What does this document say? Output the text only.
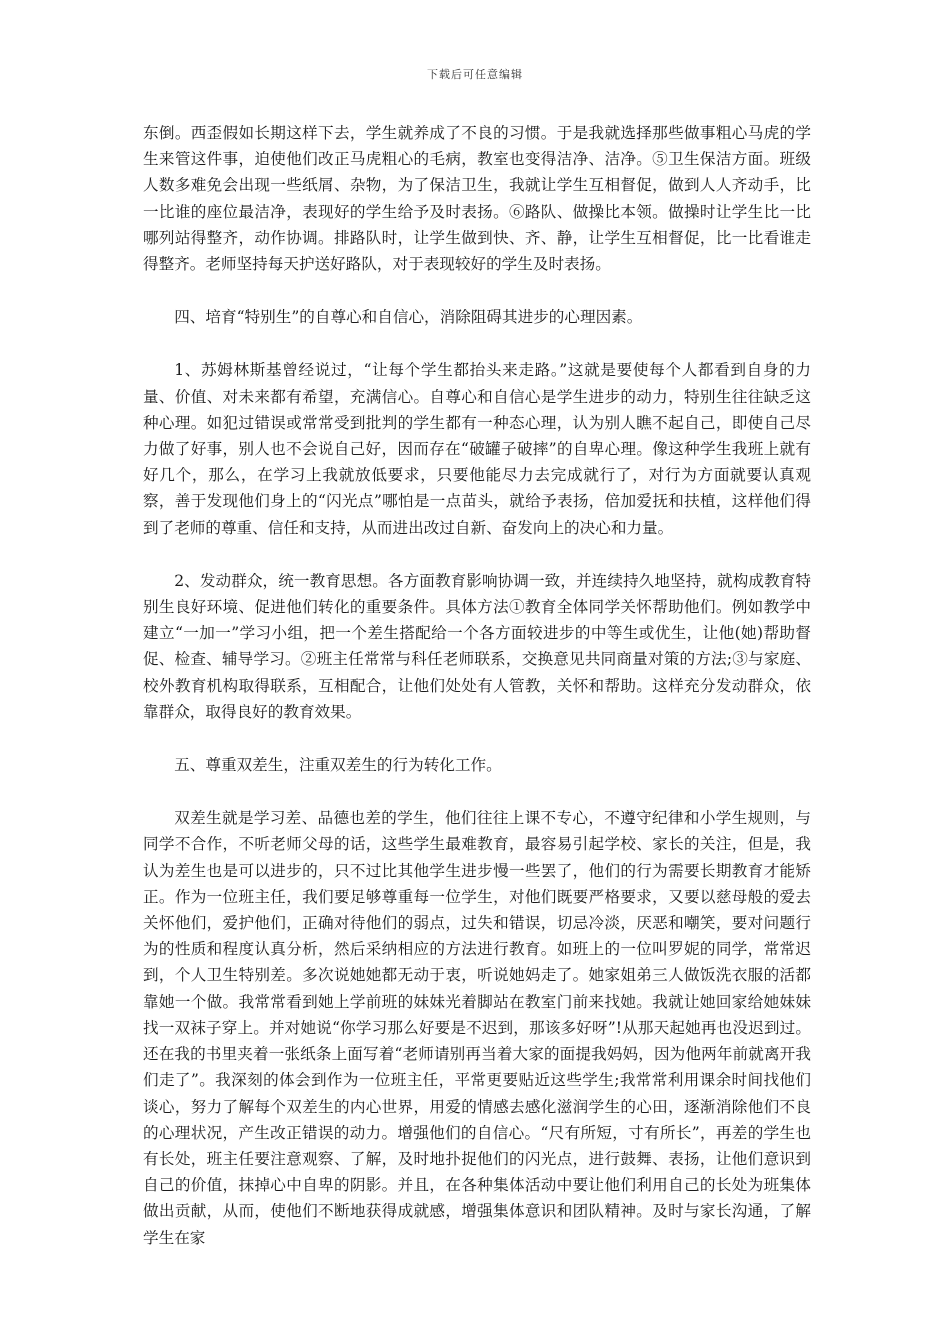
下载后可任意编辑

东倒。西歪假如长期这样下去，学生就养成了不良的习惯。于是我就选择那些做事粗心马虎的学生来管这件事，迫使他们改正马虎粗心的毛病，教室也变得洁净、洁净。⑤卫生保洁方面。班级人数多难免会出现一些纸屑、杂物，为了保洁卫生，我就让学生互相督促，做到人人齐动手，比一比谁的座位最洁净，表现好的学生给予及时表扬。⑥路队、做操比本领。做操时让学生比一比哪列站得整齐，动作协调。排路队时，让学生做到快、齐、静，让学生互相督促，比一比看谁走得整齐。老师坚持每天护送好路队，对于表现较好的学生及时表扬。

四、培育“特别生”的自尊心和自信心，消除阻碍其进步的心理因素。

1、苏姆林斯基曾经说过，“让每个学生都抬头来走路。”这就是要使每个人都看到自身的力量、价值、对未来都有希望，充满信心。自尊心和自信心是学生进步的动力，特别生往往缺乏这种心理。如犯过错误或常常受到批判的学生都有一种态心理，认为别人瞧不起自己，即使自己尽力做了好事，别人也不会说自己好，因而存在“破罐子破摔”的自卑心理。像这种学生我班上就有好几个，那么，在学习上我就放低要求，只要他能尽力去完成就行了，对行为方面就要认真观察，善于发现他们身上的“闪光点”哪怕是一点苗头，就给予表扬，倍加爱抚和扶植，这样他们得到了老师的尊重、信任和支持，从而进出改过自新、奋发向上的决心和力量。

2、发动群众，统一教育思想。各方面教育影响协调一致，并连续持久地坚持，就构成教育特别生良好环境、促进他们转化的重要条件。具体方法①教育全体同学关怀帮助他们。例如教学中建立“一加一”学习小组，把一个差生搭配给一个各方面较进步的中等生或优生，让他(她)帮助督促、检查、辅导学习。②班主任常常与科任老师联系，交换意见共同商量对策的方法;③与家庭、校外教育机构取得联系，互相配合，让他们处处有人管教，关怀和帮助。这样充分发动群众，依靠群众，取得良好的教育效果。

五、尊重双差生，注重双差生的行为转化工作。

双差生就是学习差、品德也差的学生，他们往往上课不专心，不遵守纪律和小学生规则，与同学不合作，不听老师父母的话，这些学生最难教育，最容易引起学校、家长的关注，但是，我认为差生也是可以进步的，只不过比其他学生进步慢一些罢了，他们的行为需要长期教育才能矫正。作为一位班主任，我们要足够尊重每一位学生，对他们既要严格要求，又要以慈母般的爱去关怀他们，爱护他们，正确对待他们的弱点，过失和错误，切忌冷淡，厌恶和嘲笑，要对问题行为的性质和程度认真分析，然后采纳相应的方法进行教育。如班上的一位叫罗妮的同学，常常迟到，个人卫生特别差。多次说她她都无动于衷，听说她妈走了。她家姐弟三人做饭洗衣服的活都靠她一个做。我常常看到她上学前班的妹妹光着脚站在教室门前来找她。我就让她回家给她妹妹找一双袜子穿上。并对她说“你学习那么好要是不迟到，那该多好呀”!从那天起她再也没迟到过。还在我的书里夹着一张纸条上面写着“老师请别再当着大家的面提我妈妈，因为他两年前就离开我们走了”。我深刻的体会到作为一位班主任，平常更要贴近这些学生;我常常利用课余时间找他们谈心，努力了解每个双差生的内心世界，用爱的情感去感化滋润学生的心田，逐渐消除他们不良的心理状况，产生改正错误的动力。增强他们的自信心。“尺有所短，寸有所长”，再差的学生也有长处，班主任要注意观察、了解，及时地扑捉他们的闪光点，进行鼓舞、表扬，让他们意识到自己的价值，抹掉心中自卑的阴影。并且，在各种集体活动中要让他们利用自己的长处为班集体做出贡献，从而，使他们不断地获得成就感，增强集体意识和团队精神。及时与家长沟通，了解学生在家
